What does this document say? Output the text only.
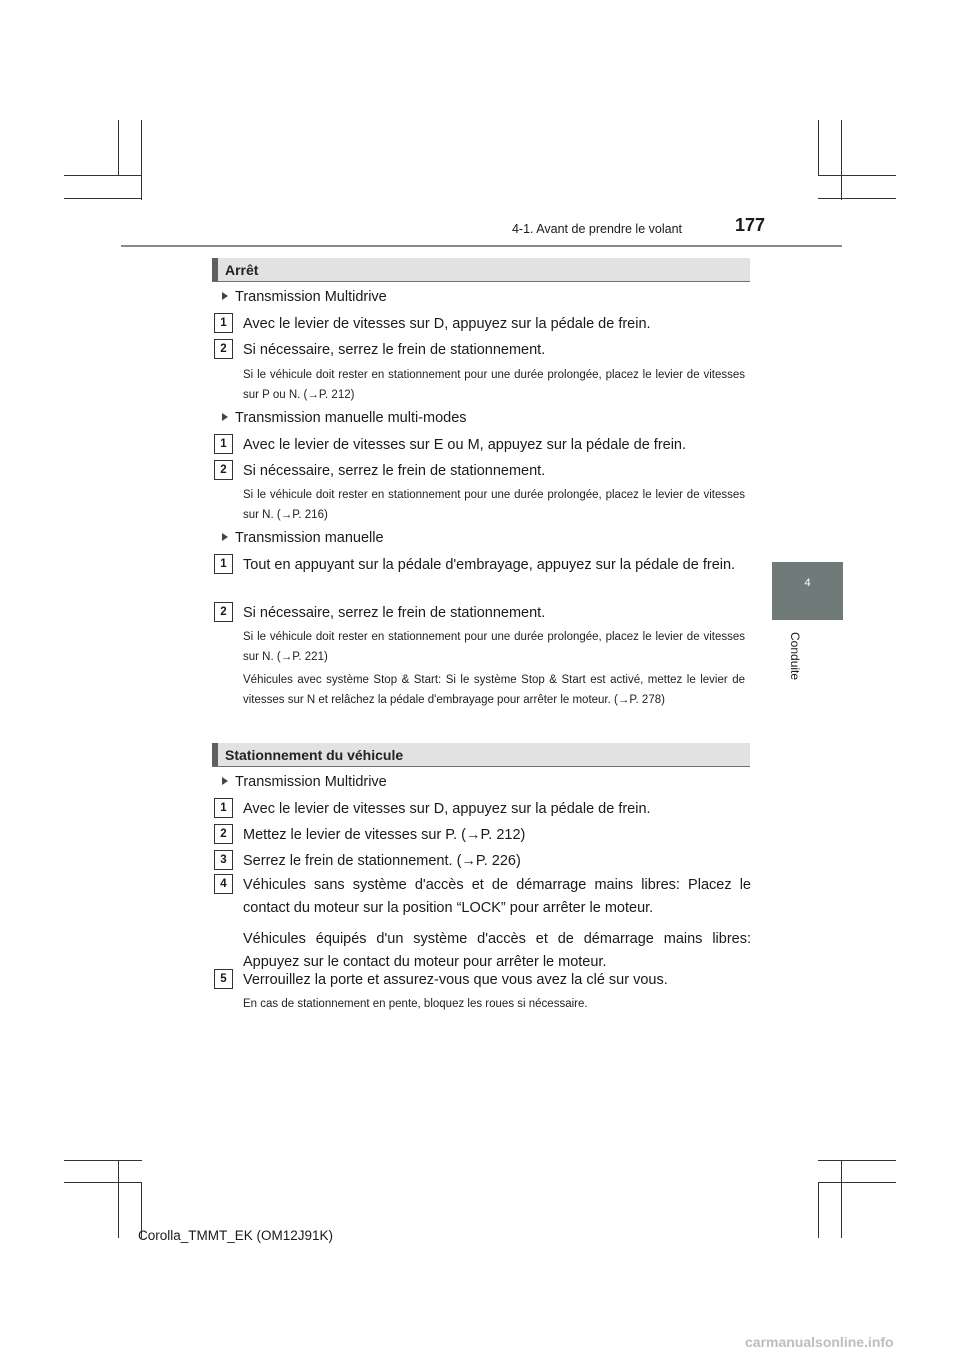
4-1. Avant de prendre le volant	177
4
Conduite
Arrêt
Transmission Multidrive
1	Avec le levier de vitesses sur D, appuyez sur la pédale de frein.
2	Si nécessaire, serrez le frein de stationnement.
Si le véhicule doit rester en stationnement pour une durée prolongée, placez le levier de vitesses sur P ou N. (→P. 212)
Transmission manuelle multi-modes
1	Avec le levier de vitesses sur E ou M, appuyez sur la pédale de frein.
2	Si nécessaire, serrez le frein de stationnement.
Si le véhicule doit rester en stationnement pour une durée prolongée, placez le levier de vitesses sur N. (→P. 216)
Transmission manuelle
1	Tout en appuyant sur la pédale d'embrayage, appuyez sur la pédale de frein.
2	Si nécessaire, serrez le frein de stationnement.
Si le véhicule doit rester en stationnement pour une durée prolongée, placez le levier de vitesses sur N. (→P. 221)
Véhicules avec système Stop & Start: Si le système Stop & Start est activé, mettez le levier de vitesses sur N et relâchez la pédale d'embrayage pour arrêter le moteur. (→P. 278)
Stationnement du véhicule
Transmission Multidrive
1	Avec le levier de vitesses sur D, appuyez sur la pédale de frein.
2	Mettez le levier de vitesses sur P. (→P. 212)
3	Serrez le frein de stationnement. (→P. 226)
4	Véhicules sans système d'accès et de démarrage mains libres: Placez le contact du moteur sur la position “LOCK” pour arrêter le moteur.
Véhicules équipés d'un système d'accès et de démarrage mains libres: Appuyez sur le contact du moteur pour arrêter le moteur.
5	Verrouillez la porte et assurez-vous que vous avez la clé sur vous.
En cas de stationnement en pente, bloquez les roues si nécessaire.
Corolla_TMMT_EK (OM12J91K)
carmanualsonline.info
